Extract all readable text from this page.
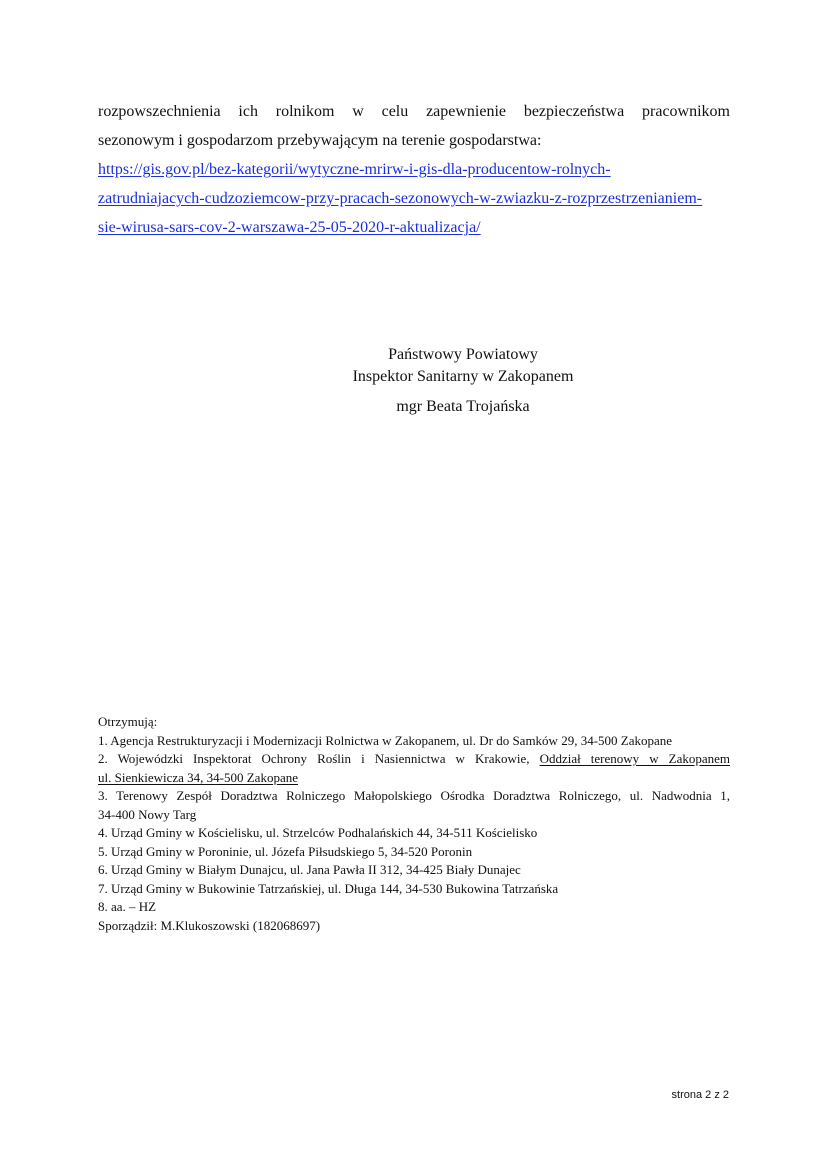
rozpowszechnienia ich rolnikom w celu zapewnienie bezpieczeństwa pracownikom
sezonowym i gospodarzom przebywającym na terenie gospodarstwa:
https://gis.gov.pl/bez-kategorii/wytyczne-mrirw-i-gis-dla-producentow-rolnych-
zatrudniajacych-cudzoziemcow-przy-pracach-sezonowych-w-zwiazku-z-rozprzestrzenianiem-
sie-wirusa-sars-cov-2-warszawa-25-05-2020-r-aktualizacja/
Państwowy Powiatowy
Inspektor Sanitarny w Zakopanem
mgr Beata Trojańska
Otrzymują:
1. Agencja Restrukturyzacji i Modernizacji Rolnictwa w Zakopanem, ul. Dr do Samków 29, 34-500 Zakopane
2. Wojewódzki Inspektorat Ochrony Roślin i Nasiennictwa w Krakowie, Oddział terenowy w Zakopanem
ul. Sienkiewicza 34, 34-500 Zakopane
3. Terenowy Zespół Doradztwa Rolniczego Małopolskiego Ośrodka Doradztwa Rolniczego, ul. Nadwodnia 1,
34-400 Nowy Targ
4. Urząd Gminy w Kościelisku, ul. Strzelców Podhalańskich 44, 34-511 Kościelisko
5. Urząd Gminy w Poroninie, ul. Józefa Piłsudskiego 5, 34-520 Poronin
6. Urząd Gminy w Białym Dunajcu, ul. Jana Pawła II 312, 34-425 Biały Dunajec
7. Urząd Gminy w Bukowinie Tatrzańskiej, ul. Długa 144, 34-530 Bukowina Tatrzańska
8. aa. – HZ
Sporządził: M.Klukoszowski (182068697)
strona 2 z 2
